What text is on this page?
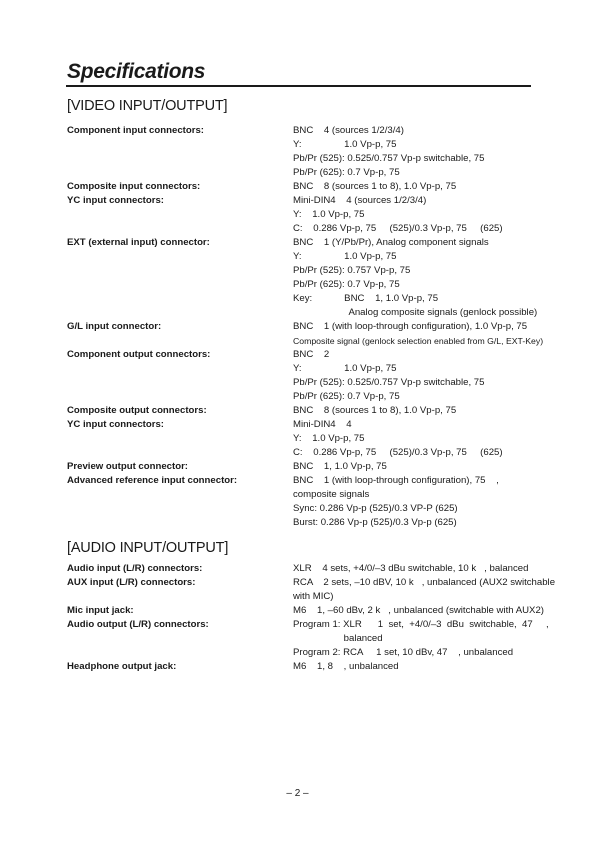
Specifications
Component input connectors:	BNC    4 (sources 1/2/3/4)
Y:                1.0 Vp-p, 75
Pb/Pr (525): 0.525/0.757 Vp-p switchable, 75
Pb/Pr (625): 0.7 Vp-p, 75
Composite input connectors:	BNC    8 (sources 1 to 8), 1.0 Vp-p, 75
YC input connectors:	Mini-DIN4    4 (sources 1/2/3/4)
Y:    1.0 Vp-p, 75
C:    0.286 Vp-p, 75     (525)/0.3 Vp-p, 75     (625)
EXT (external input) connector:	BNC    1 (Y/Pb/Pr), Analog component signals
Y:                1.0 Vp-p, 75
Pb/Pr (525): 0.757 Vp-p, 75
Pb/Pr (625): 0.7 Vp-p, 75
Key:            BNC    1, 1.0 Vp-p, 75
Analog composite signals (genlock possible)
G/L input connector:	BNC    1 (with loop-through configuration), 1.0 Vp-p, 75
Composite signal (genlock selection enabled from G/L, EXT-Key)
Component output connectors:	BNC    2
Y:                1.0 Vp-p, 75
Pb/Pr (525): 0.525/0.757 Vp-p switchable, 75
Pb/Pr (625): 0.7 Vp-p, 75
Composite output connectors:	BNC    8 (sources 1 to 8), 1.0 Vp-p, 75
YC input connectors:	Mini-DIN4    4
Y:    1.0 Vp-p, 75
C:    0.286 Vp-p, 75     (525)/0.3 Vp-p, 75     (625)
Preview output connector:	BNC    1, 1.0 Vp-p, 75
Advanced reference input connector:	BNC    1 (with loop-through configuration), 75    ,
composite signals
Sync: 0.286 Vp-p (525)/0.3 VP-P (625)
Burst: 0.286 Vp-p (525)/0.3 Vp-p (625)
Audio input (L/R) connectors:	XLR    4 sets, +4/0/–3 dBu switchable, 10 k   , balanced
AUX input (L/R) connectors:	RCA    2 sets, –10 dBV, 10 k   , unbalanced (AUX2 switchable
with MIC)
Mic input jack:	M6    1, –60 dBv, 2 k   , unbalanced (switchable with AUX2)
Audio output (L/R) connectors:	Program 1: XLR      1  set,  +4/0/–3  dBu  switchable,  47     ,
balanced
Program 2: RCA     1 set, 10 dBv, 47    , unbalanced
Headphone output jack:	M6    1, 8    , unbalanced
– 2 –
[VIDEO INPUT/OUTPUT]
[AUDIO INPUT/OUTPUT]
